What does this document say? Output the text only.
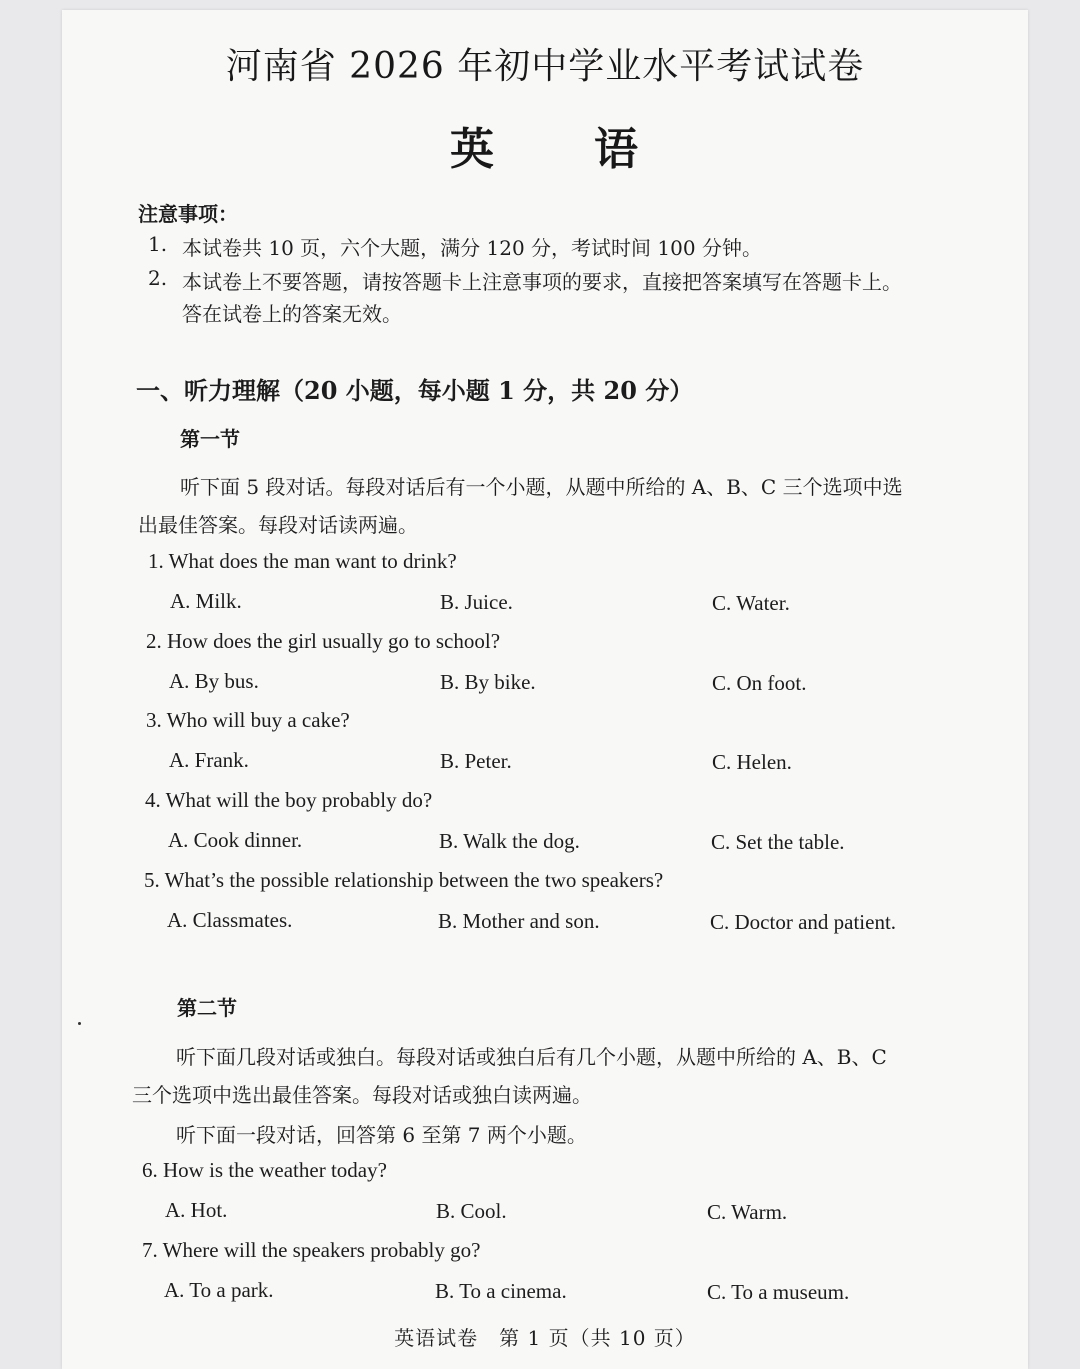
河南省 2026 年初中学业水平考试试卷
英 语
注意事项：
1. 本试卷共 10 页，六个大题，满分 120 分，考试时间 100 分钟。
2. 本试卷上不要答题，请按答题卡上注意事项的要求，直接把答案填写在答题卡上。
答在试卷上的答案无效。
一、听力理解（20 小题，每小题 1 分，共 20 分）
第一节
听下面 5 段对话。每段对话后有一个小题，从题中所给的 A、B、C 三个选项中选
出最佳答案。每段对话读两遍。
1. What does the man want to drink?
A. Milk.	B. Juice.	C. Water.
2. How does the girl usually go to school?
A. By bus.	B. By bike.	C. On foot.
3. Who will buy a cake?
A. Frank.	B. Peter.	C. Helen.
4. What will the boy probably do?
A. Cook dinner.	B. Walk the dog.	C. Set the table.
5. What’s the possible relationship between the two speakers?
A. Classmates.	B. Mother and son.	C. Doctor and patient.
第二节
听下面几段对话或独白。每段对话或独白后有几个小题，从题中所给的 A、B、C
三个选项中选出最佳答案。每段对话或独白读两遍。
听下面一段对话，回答第 6 至第 7 两个小题。
6. How is the weather today?
A. Hot.	B. Cool.	C. Warm.
7. Where will the speakers probably go?
A. To a park.	B. To a cinema.	C. To a museum.
英语试卷　第 1 页（共 10 页）
